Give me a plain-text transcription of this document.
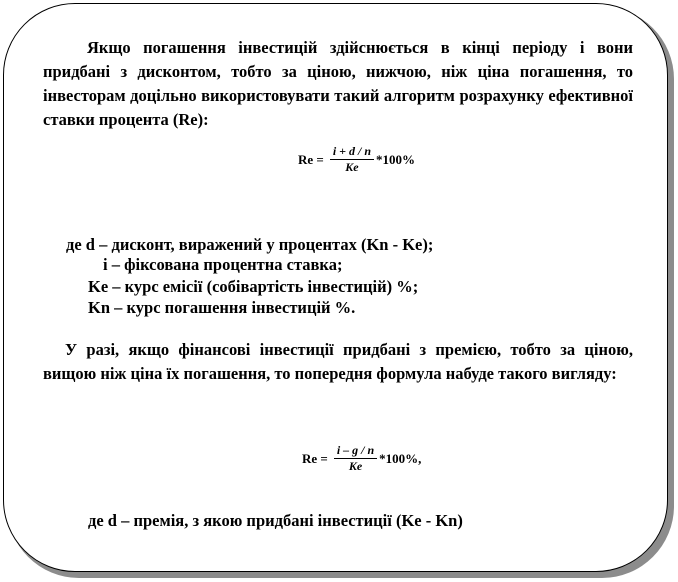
Якщо погашення інвестицій здійснюється в кінці періоду і вони придбані з дисконтом, тобто за ціною, нижчою, ніж ціна погашення, то інвесторам доцільно використовувати такий алгоритм розрахунку ефективної ставки процента (Re):
$Re = \frac{i + d / n}{Ke} *100\%$
де d – дисконт, виражений у процентах (Kn - Ke);
i – фіксована процентна ставка;
Ke – курс емісії (собівартість інвестицій) %;
Kn – курс погашення інвестицій %.
У разі, якщо фінансові інвестиції придбані з премією, тобто за ціною, вищою ніж ціна їх погашення, то попередня формула набуде такого вигляду:
$Re = \frac{i - g / n}{Ke} *100\%$,
де d – премія, з якою придбані інвестиції (Ke - Kn)
